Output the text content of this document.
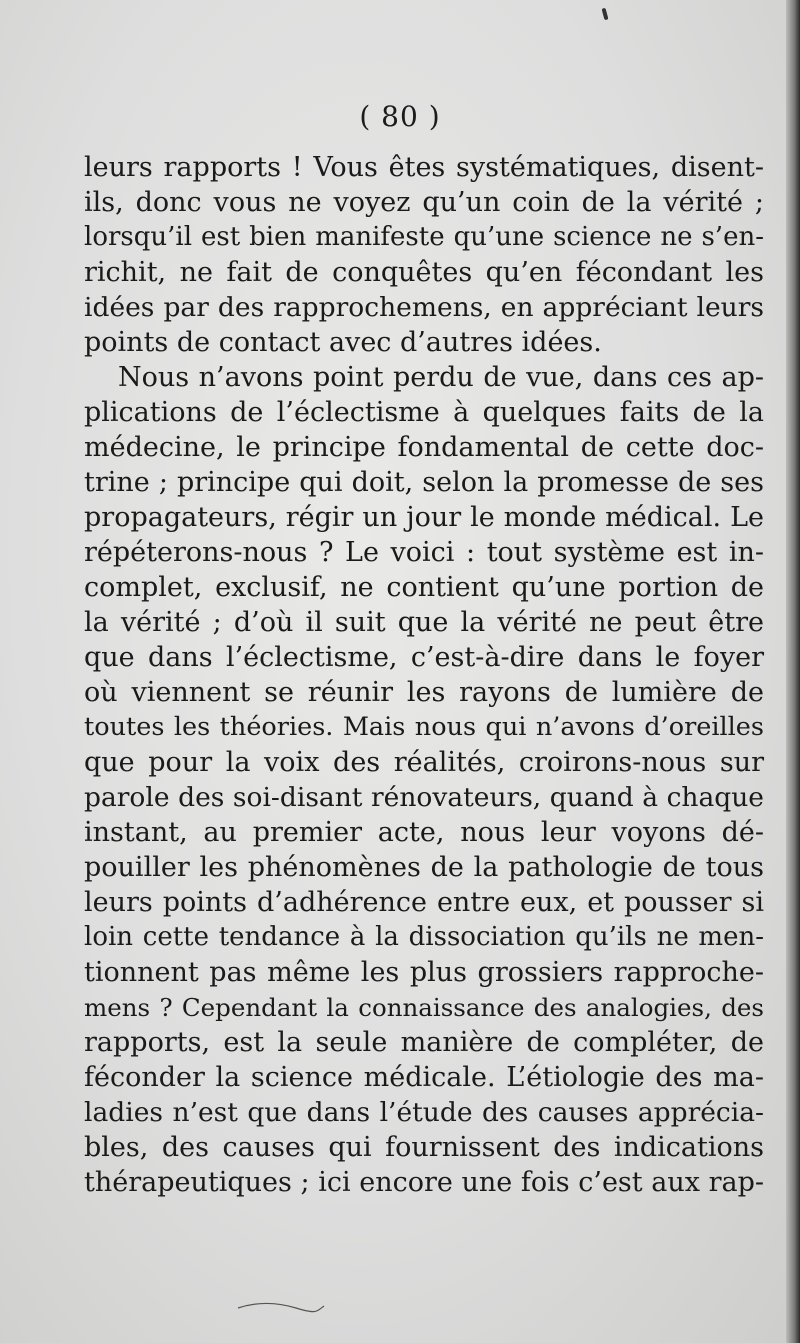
( 80 )
leurs rapports ! Vous êtes systématiques, disent-
ils, donc vous ne voyez qu’un coin de la vérité ;
lorsqu’il est bien manifeste qu’une science ne s’en-
richit, ne fait de conquêtes qu’en fécondant les
idées par des rapprochemens, en appréciant leurs
points de contact avec d’autres idées.
Nous n’avons point perdu de vue, dans ces ap-
plications de l’éclectisme à quelques faits de la
médecine, le principe fondamental de cette doc-
trine ; principe qui doit, selon la promesse de ses
propagateurs, régir un jour le monde médical. Le
répéterons-nous ? Le voici : tout système est in-
complet, exclusif, ne contient qu’une portion de
la vérité ; d’où il suit que la vérité ne peut être
que dans l’éclectisme, c’est-à-dire dans le foyer
où viennent se réunir les rayons de lumière de
toutes les théories. Mais nous qui n’avons d’oreilles
que pour la voix des réalités, croirons-nous sur
parole des soi-disant rénovateurs, quand à chaque
instant, au premier acte, nous leur voyons dé-
pouiller les phénomènes de la pathologie de tous
leurs points d’adhérence entre eux, et pousser si
loin cette tendance à la dissociation qu’ils ne men-
tionnent pas même les plus grossiers rapproche-
mens ? Cependant la connaissance des analogies, des
rapports, est la seule manière de compléter, de
féconder la science médicale. L’étiologie des ma-
ladies n’est que dans l’étude des causes apprécia-
bles, des causes qui fournissent des indications
thérapeutiques ; ici encore une fois c’est aux rap-
